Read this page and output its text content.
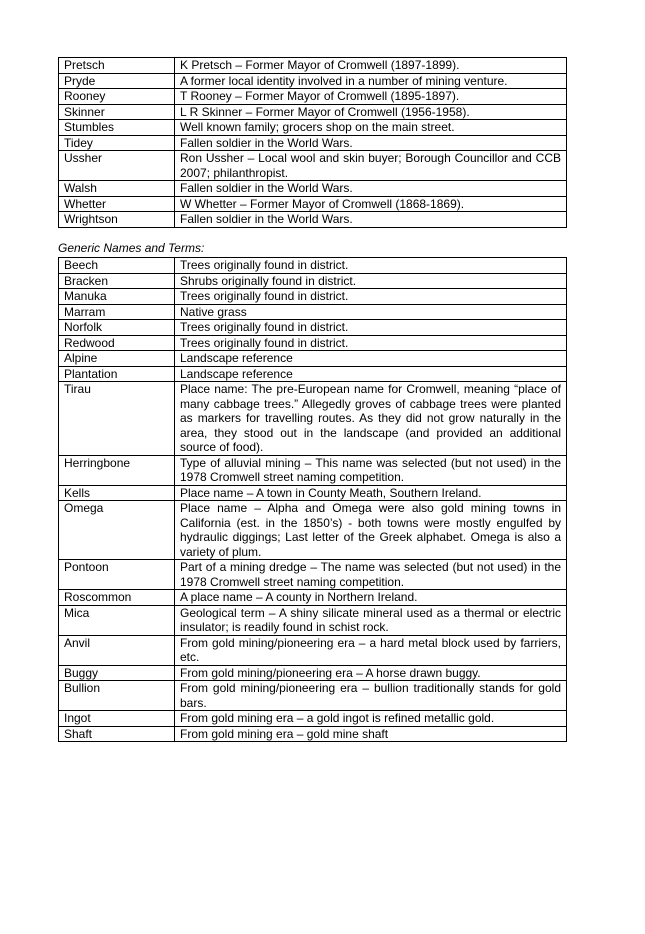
Pretsch	K Pretsch – Former Mayor of Cromwell (1897-1899).
Pryde	A former local identity involved in a number of mining venture.
Rooney	T Rooney – Former Mayor of Cromwell (1895-1897).
Skinner	L R Skinner – Former Mayor of Cromwell (1956-1958).
Stumbles	Well known family; grocers shop on the main street.
Tidey	Fallen soldier in the World Wars.
Ussher	Ron Ussher – Local wool and skin buyer; Borough Councillor and CCB 2007; philanthropist.
Walsh	Fallen soldier in the World Wars.
Whetter	W Whetter – Former Mayor of Cromwell (1868-1869).
Wrightson	Fallen soldier in the World Wars.
Generic Names and Terms:
Beech	Trees originally found in district.
Bracken	Shrubs originally found in district.
Manuka	Trees originally found in district.
Marram	Native grass
Norfolk	Trees originally found in district.
Redwood	Trees originally found in district.
Alpine	Landscape reference
Plantation	Landscape reference
Tirau	Place name: The pre-European name for Cromwell, meaning “place of many cabbage trees.” Allegedly groves of cabbage trees were planted as markers for travelling routes. As they did not grow naturally in the area, they stood out in the landscape (and provided an additional source of food).
Herringbone	Type of alluvial mining – This name was selected (but not used) in the 1978 Cromwell street naming competition.
Kells	Place name – A town in County Meath, Southern Ireland.
Omega	Place name – Alpha and Omega were also gold mining towns in California (est. in the 1850’s) - both towns were mostly engulfed by hydraulic diggings; Last letter of the Greek alphabet. Omega is also a variety of plum.
Pontoon	Part of a mining dredge – The name was selected (but not used) in the 1978 Cromwell street naming competition.
Roscommon	A place name – A county in Northern Ireland.
Mica	Geological term – A shiny silicate mineral used as a thermal or electric insulator; is readily found in schist rock.
Anvil	From gold mining/pioneering era – a hard metal block used by farriers, etc.
Buggy	From gold mining/pioneering era – A horse drawn buggy.
Bullion	From gold mining/pioneering era – bullion traditionally stands for gold bars.
Ingot	From gold mining era – a gold ingot is refined metallic gold.
Shaft	From gold mining era – gold mine shaft
